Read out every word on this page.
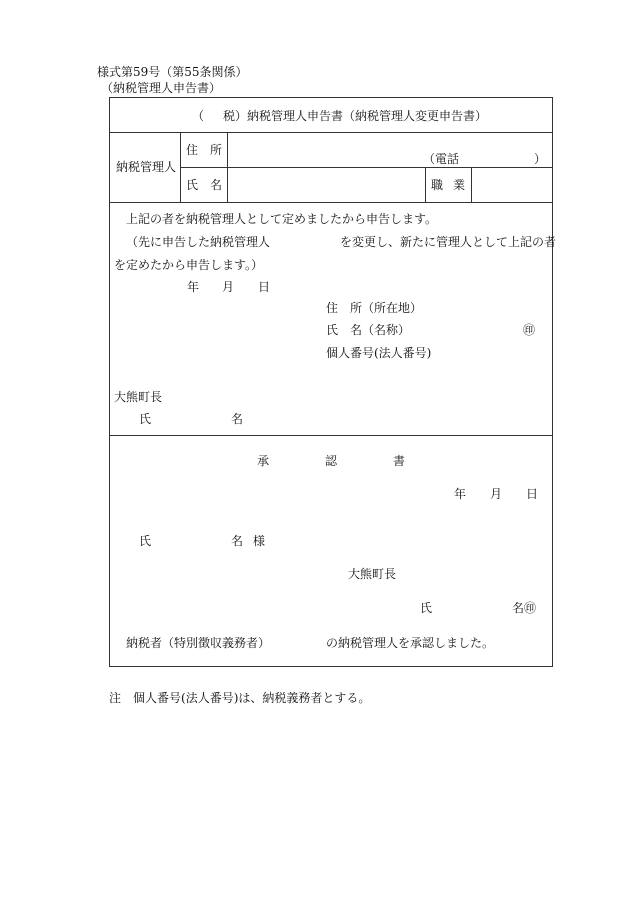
様式第59号（第55条関係）
（納税管理人申告書）
（ 税）納税管理人申告書（納税管理人変更申告書）
納税管理人
住 所
（電話	）
氏 名	職 業
上記の者を納税管理人として定めましたから申告します。
（先に申告した納税管理人	を変更し、新たに管理人として上記の者
を定めたから申告します。）
年 月 日
住 所（所在地）
氏 名（名称）	㊞
個人番号(法人番号)
大熊町長
氏	名
承	認	書
年 月 日
氏	名 様
大熊町長
氏	名㊞
納税者（特別徴収義務者）	の納税管理人を承認しました。
注 個人番号(法人番号)は、納税義務者とする。
